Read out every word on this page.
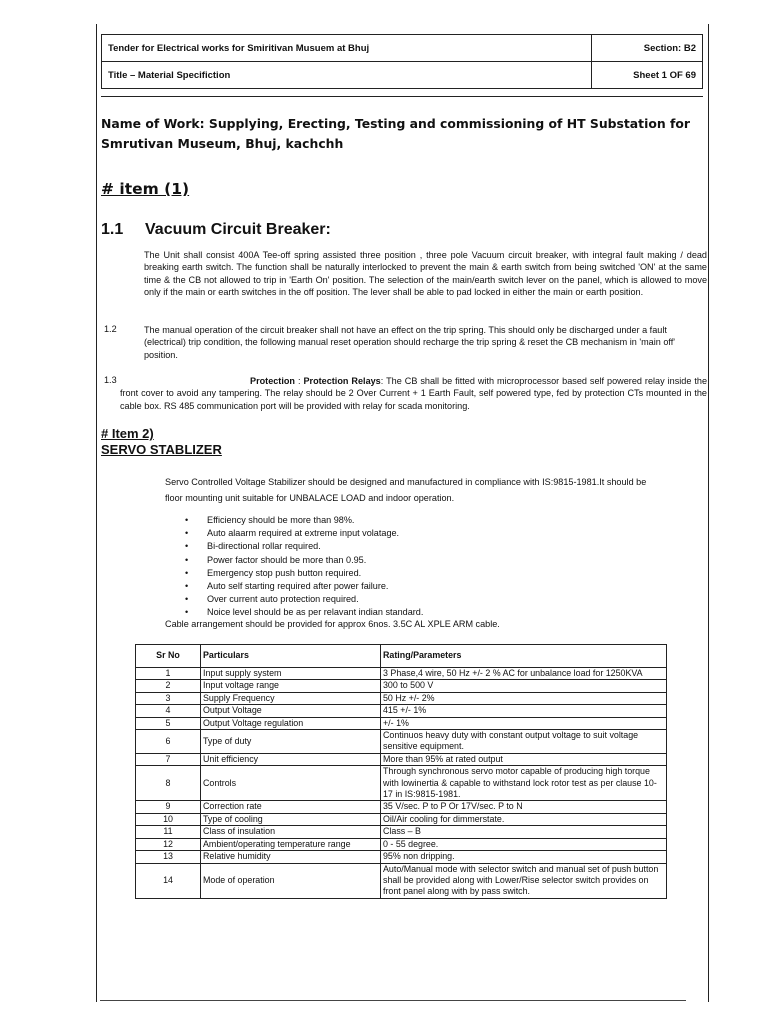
Tender for Electrical works for Smiritivan Musuem at Bhuj	Section: B2
Title – Material Specifiction	Sheet 1 OF 69
Name of Work: Supplying, Erecting, Testing and commissioning of HT Substation for Smrutivan Museum, Bhuj, kachchh
# item (1)
1.1 Vacuum Circuit Breaker:
The Unit shall consist 400A Tee-off spring assisted three position , three pole Vacuum circuit breaker, with integral fault making / dead breaking earth switch. The function shall be naturally interlocked to prevent the main & earth switch from being switched 'ON' at the same time & the CB not allowed to trip in 'Earth On' position. The selection of the main/earth switch lever on the panel, which is allowed to move only if the main or earth switches in the off position. The lever shall be able to pad locked in either the main or earth position.
1.2	The manual operation of the circuit breaker shall not have an effect on the trip spring. This should only be discharged under a fault (electrical) trip condition, the following manual reset operation should recharge the trip spring & reset the CB mechanism in 'main off' position.
1.3	Protection : Protection Relays: The CB shall be fitted with microprocessor based self powered relay inside the front cover to avoid any tampering. The relay should be 2 Over Current + 1 Earth Fault, self powered type, fed by protection CTs mounted in the cable box. RS 485 communication port will be provided with relay for scada monitoring.
# Item 2)
SERVO STABLIZER
Servo Controlled Voltage Stabilizer should be designed and manufactured in compliance with IS:9815-1981.It should be floor mounting unit suitable for UNBALACE LOAD and indoor operation.
• Efficiency should be more than 98%.
• Auto alaarm required at extreme input volatage.
• Bi-directional rollar required.
• Power factor should be more than 0.95.
• Emergency stop push button required.
• Auto self starting required after power failure.
• Over current auto protection required.
• Noice level should be as per relavant indian standard.
Cable arrangement should be provided for approx 6nos. 3.5C AL XPLE ARM cable.
Sr No	Particulars	Rating/Parameters
1	Input supply system	3 Phase,4 wire, 50 Hz +/- 2 % AC for unbalance load for 1250KVA
2	Input voltage range	300 to 500 V
3	Supply Frequency	50 Hz +/- 2%
4	Output Voltage	415 +/- 1%
5	Output Voltage regulation	+/- 1%
6	Type of duty	Continuos heavy duty with constant output voltage to suit voltage sensitive equipment.
7	Unit efficiency	More than 95% at rated output
8	Controls	Through synchronous servo motor capable of producing high torque with lowinertia & capable to withstand lock rotor test as per clause 10-17 in IS:9815-1981.
9	Correction rate	35 V/sec. P to P Or 17V/sec. P to N
10	Type of cooling	Oil/Air cooling for dimmerstate.
11	Class of insulation	Class – B
12	Ambient/operating temperature range	0 - 55 degree.
13	Relative humidity	95% non dripping.
14	Mode of operation	Auto/Manual mode with selector switch and manual set of push button shall be provided along with Lower/Rise selector switch provides on front panel along with by pass switch.
